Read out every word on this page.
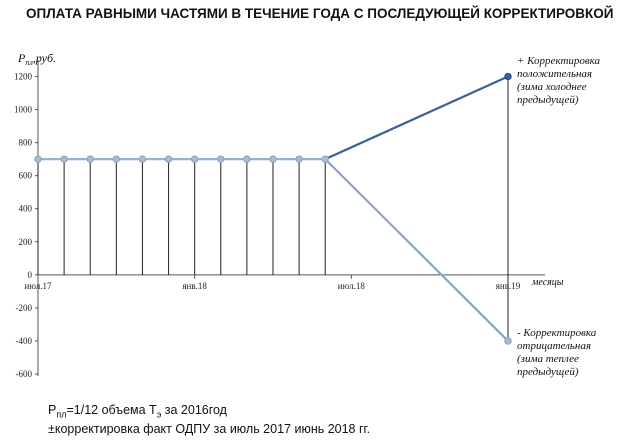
ОПЛАТА РАВНЫМИ ЧАСТЯМИ В ТЕЧЕНИЕ ГОДА С ПОСЛЕДУЮЩЕЙ КОРРЕКТИРОВКОЙ
1200
1000
800
600
400
200
0
-200
-400
-600
июл.17	янв.18	июл.18	янв.19
$P_{пл},руб$.
месяцы
+ Корректировка
положительная
(зима холоднее
предыдущей)
- Корректировка
отрицательная
(зима теплее
предыдущей)
$P_{пл}=1/12$ объема $T_э$ за 2016год
±корректировка факт ОДПУ за июль 2017 июнь 2018 гг.
